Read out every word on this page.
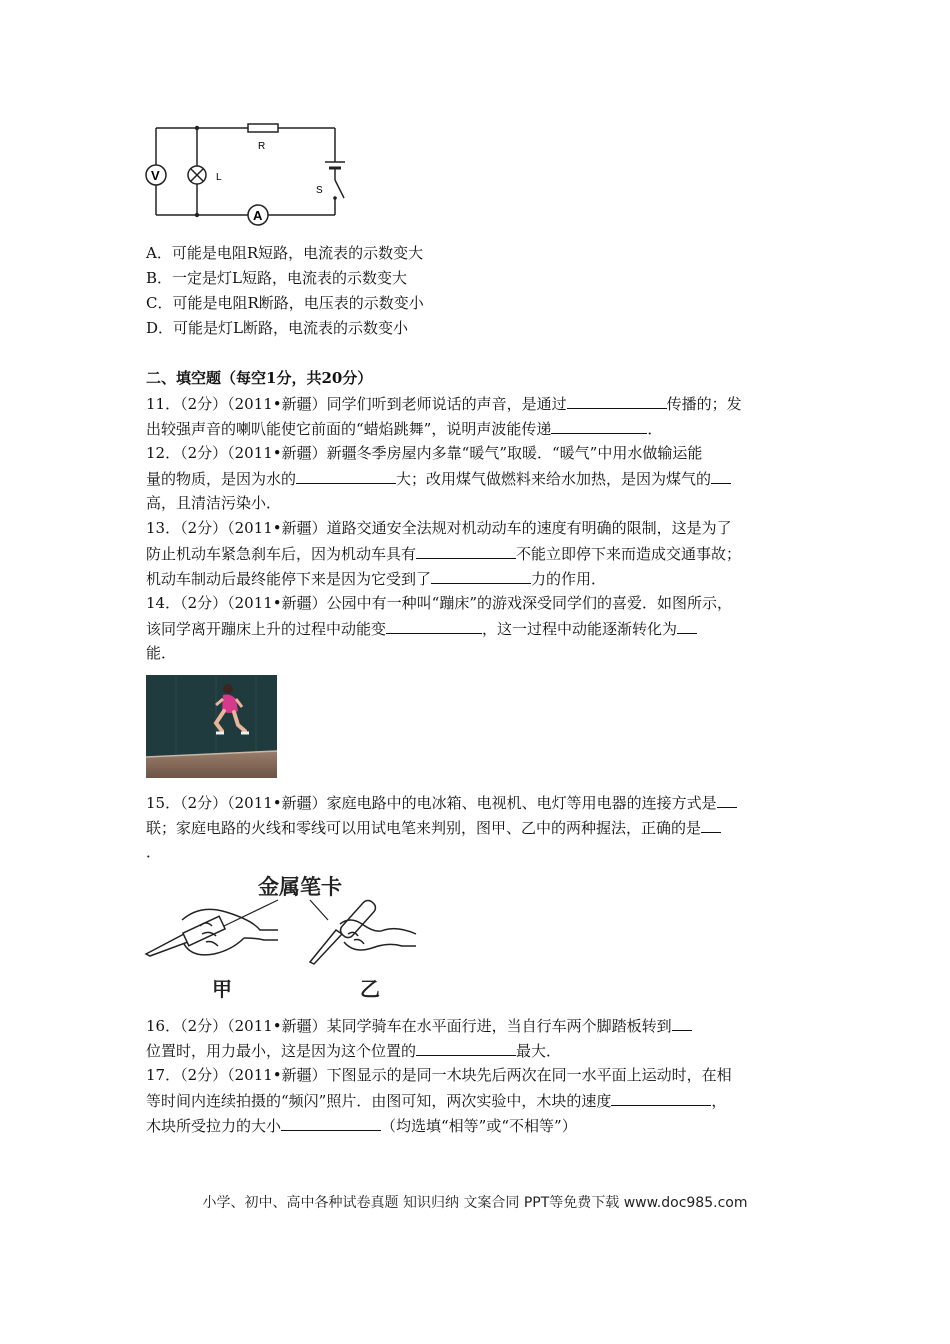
V
A
R
L
S
A．可能是电阻R短路，电流表的示数变大
B．一定是灯L短路，电流表的示数变大
C．可能是电阻R断路，电压表的示数变小
D．可能是灯L断路，电流表的示数变小
二、填空题（每空1分，共20分）
11．（2分）（2011•新疆）同学们听到老师说话的声音，是通过	传播的；发
出较强声音的喇叭能使它前面的“蜡焰跳舞”，说明声波能传递	．
12．（2分）（2011•新疆）新疆冬季房屋内多靠“暖气”取暖．“暖气”中用水做输运能
量的物质，是因为水的	大；改用煤气做燃料来给水加热，是因为煤气的
高，且清洁污染小．
13．（2分）（2011•新疆）道路交通安全法规对机动动车的速度有明确的限制，这是为了
防止机动车紧急刹车后，因为机动车具有	不能立即停下来而造成交通事故；
机动车制动后最终能停下来是因为它受到了	力的作用．
14．（2分）（2011•新疆）公园中有一种叫“蹦床”的游戏深受同学们的喜爱．如图所示，
该同学离开蹦床上升的过程中动能变	，这一过程中动能逐渐转化为
能．
15．（2分）（2011•新疆）家庭电路中的电冰箱、电视机、电灯等用电器的连接方式是
联；家庭电路的火线和零线可以用试电笔来判别，图甲、乙中的两种握法，正确的是
．
金属笔卡
甲	乙
16．（2分）（2011•新疆）某同学骑车在水平面行进，当自行车两个脚踏板转到
位置时，用力最小，这是因为这个位置的	最大．
17．（2分）（2011•新疆）下图显示的是同一木块先后两次在同一水平面上运动时，在相
等时间内连续拍摄的“频闪”照片．由图可知，两次实验中，木块的速度	，
木块所受拉力的大小	（均选填“相等”或“不相等”）
小学、初中、高中各种试卷真题 知识归纳 文案合同 PPT等免费下载 www.doc985.com
